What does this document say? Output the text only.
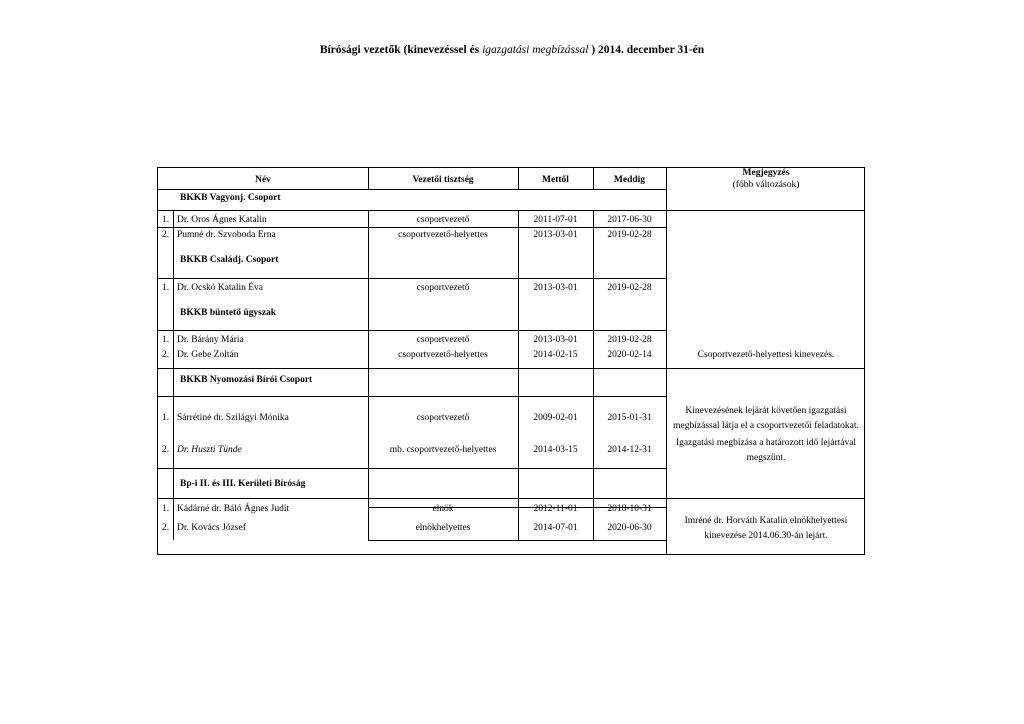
Bírósági vezetők (kinevezéssel és igazgatási megbízással ) 2014. december 31-én
Név	Vezetői tisztség	Mettől	Meddig
Megjegyzés
(főbb változások)
BKKB Vagyonj. Csoport
1. Dr. Oros Ágnes Katalin	csoportvezető	2011-07-01	2017-06-30
2. Pumné dr. Szvoboda Erna	csoportvezető-helyettes	2013-03-01	2019-02-28
BKKB Családj. Csoport
1. Dr. Ocskó Katalin Éva	csoportvezető	2013-03-01	2019-02-28
BKKB büntető ügyszak
1. Dr. Bárány Mária	csoportvezető	2013-03-01	2019-02-28
2. Dr. Gebe Zoltán	csoportvezető-helyettes	2014-02-15	2020-02-14	Csoportvezető-helyettesi kinevezés.
BKKB Nyomozási Bírói Csoport
1. Sárrétiné dr. Szilágyi Mónika	csoportvezető	2009-02-01	2015-01-31
Kinevezésének lejárát követően igazgatási
megbízással látja el a csoportvezetői feladatokat.
2. Dr. Huszti Tünde	mb. csoportvezető-helyettes	2014-03-15	2014-12-31
Igazgatási megbízása a határozott idő lejártával
megszűnt.
Bp-i II. és III. Kerületi Bíróság
1. Kádárné dr. Báló Ágnes Judit	elnök	2012-11-01	2018-10-31
2. Dr. Kovács József	elnökhelyettes	2014-07-01	2020-06-30
Imréné dr. Horváth Katalin elnökhelyettesi
kinevezése 2014.06.30-án lejárt.
